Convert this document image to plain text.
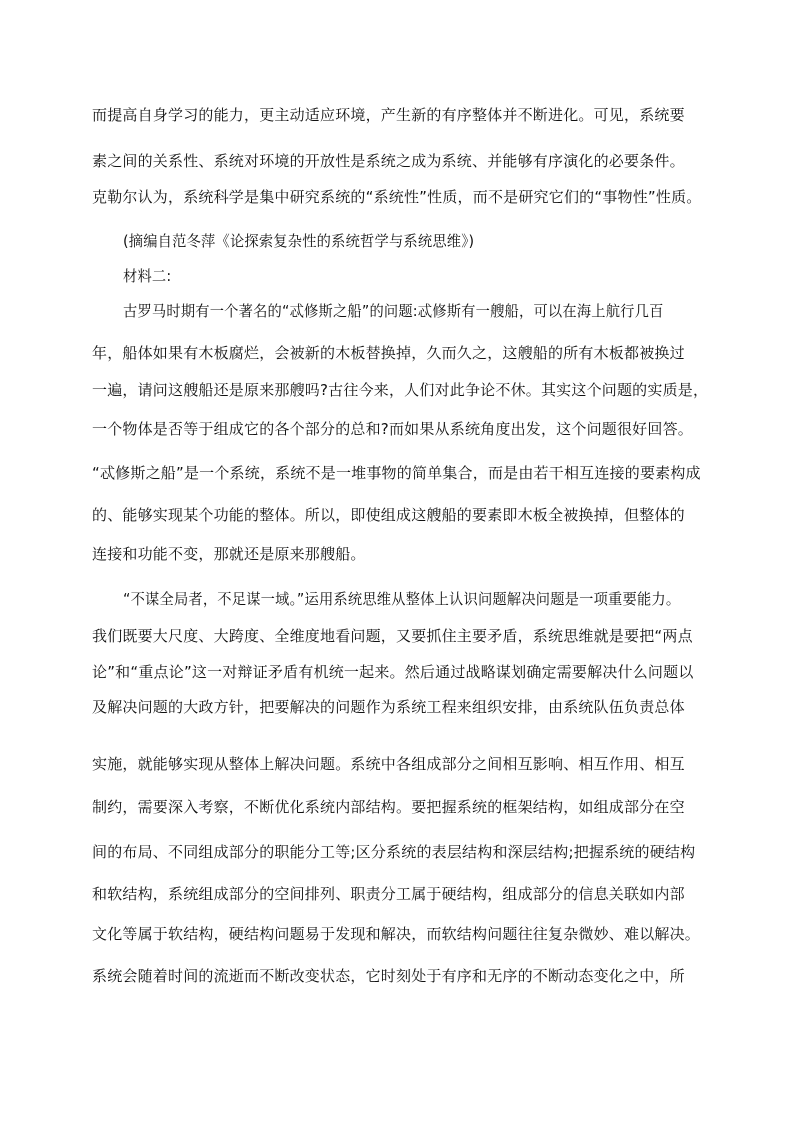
而提高自身学习的能力，更主动适应环境，产生新的有序整体并不断进化。可见，系统要
素之间的关系性、系统对环境的开放性是系统之成为系统、并能够有序演化的必要条件。
克勒尔认为，系统科学是集中研究系统的“系统性”性质，而不是研究它们的“事物性”性质。
(摘编自范冬萍《论探索复杂性的系统哲学与系统思维》)
材料二:
古罗马时期有一个著名的“忒修斯之船”的问题:忒修斯有一艘船，可以在海上航行几百
年，船体如果有木板腐烂，会被新的木板替换掉，久而久之，这艘船的所有木板都被换过
一遍，请问这艘船还是原来那艘吗?古往今来，人们对此争论不休。其实这个问题的实质是，
一个物体是否等于组成它的各个部分的总和?而如果从系统角度出发，这个问题很好回答。
“忒修斯之船”是一个系统，系统不是一堆事物的简单集合，而是由若干相互连接的要素构成
的、能够实现某个功能的整体。所以，即使组成这艘船的要素即木板全被换掉，但整体的
连接和功能不变，那就还是原来那艘船。
“不谋全局者，不足谋一域。”运用系统思维从整体上认识问题解决问题是一项重要能力。
我们既要大尺度、大跨度、全维度地看问题，又要抓住主要矛盾，系统思维就是要把“两点
论”和“重点论”这一对辩证矛盾有机统一起来。然后通过战略谋划确定需要解决什么问题以
及解决问题的大政方针，把要解决的问题作为系统工程来组织安排，由系统队伍负责总体
实施，就能够实现从整体上解决问题。系统中各组成部分之间相互影响、相互作用、相互
制约，需要深入考察，不断优化系统内部结构。要把握系统的框架结构，如组成部分在空
间的布局、不同组成部分的职能分工等;区分系统的表层结构和深层结构;把握系统的硬结构
和软结构，系统组成部分的空间排列、职责分工属于硬结构，组成部分的信息关联如内部
文化等属于软结构，硬结构问题易于发现和解决，而软结构问题往往复杂微妙、难以解决。
系统会随着时间的流逝而不断改变状态，它时刻处于有序和无序的不断动态变化之中，所
